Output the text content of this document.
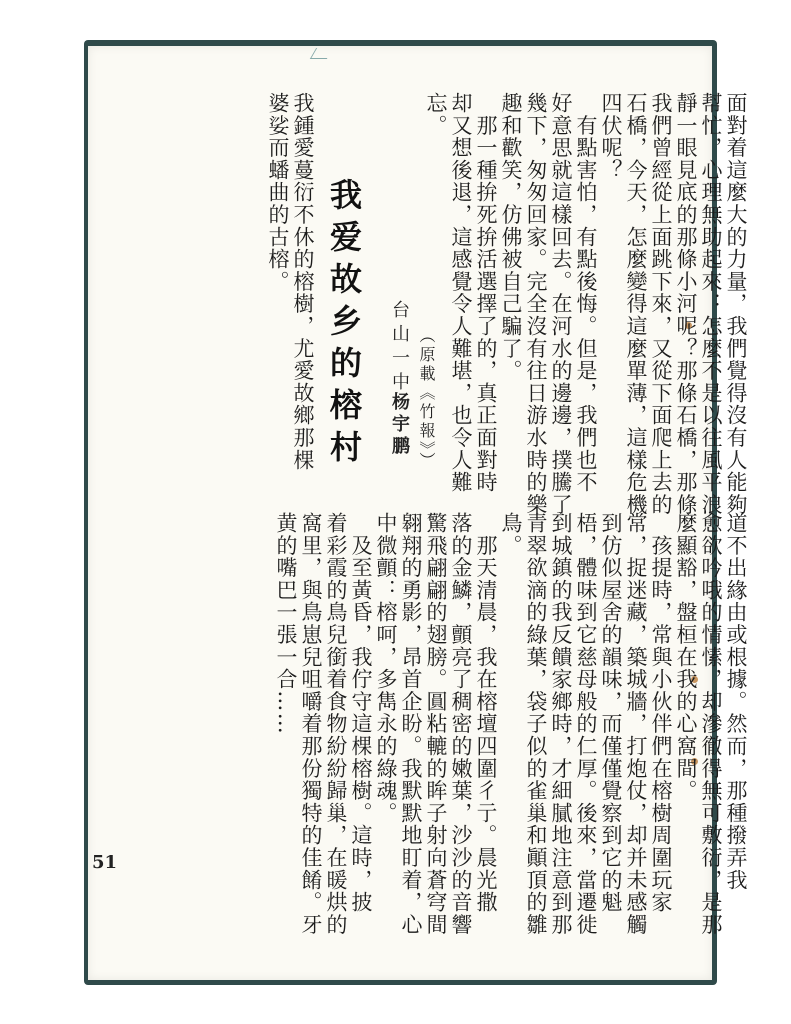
面對着這麼大的力量，我們覺得沒有人能夠
幇忙，心理無助起來：怎麼不是以往風平浪
靜一眼見底的那條小河呢？那條石橋，那條
我們曾經從上面跳下來，又從下面爬上去的
石橋，今天，怎麼變得這麼單薄，這樣危機
四伏呢？
　有點害怕，有點後悔。但是，我們也不
好意思就這樣回去。在河水的邊邊，撲騰了
幾下，匆匆回家。完全沒有往日游水時的樂
趣和歡笑，仿佛被自己騙了。
　那一種拚死拚活選擇了的，真正面對時
却又想後退，這感覺令人難堪，也令人難
忘。
我鍾愛蔓衍不休的榕樹，尤愛故鄉那棵
婆娑而蟠曲的古榕。
道不出緣由或根據。然而，那種撥弄我
愈欲吟哦的情愫，却滲徹得無可敷衍，是那
麼顯豁，盤桓在我的心窩間。
　孩提時，常與小伙伴們在榕樹周圍玩家
常，捉迷藏，築城牆，打炮仗，却并未感觸
到仿似屋舍的韻味，而僅僅覺察到它的魁
梧，體味到它慈母般的仁厚。後來，當遷徙
到城鎮的我反饋家鄉時，才細膩地注意到那
青翠欲滴的綠葉，袋子似的雀巢和顚頂的雛
鳥。
　那天清晨，我在榕壇四圍彳亍。晨光撒
落的金鱗，顫亮了稠密的嫩葉，沙沙的音響
驚飛翩翩的翅膀。圓粘轆的眸子射向蒼穹間
翱翔的勇影，昂首企盼。我默默地盯着，心
中微顫：榕呵，多雋永的綠魂。
　及至黃昏，我佇守這棵榕樹。這時，披
着彩霞的鳥兒銜着食物紛紛歸巢，在暖烘的
窩里，與鳥崽兒咀嚼着那份獨特的佳餚。牙
黄的嘴巴一張一合……
我爱故乡的榕村 台山一中
杨宇鹏 （原載《竹報》）
51
